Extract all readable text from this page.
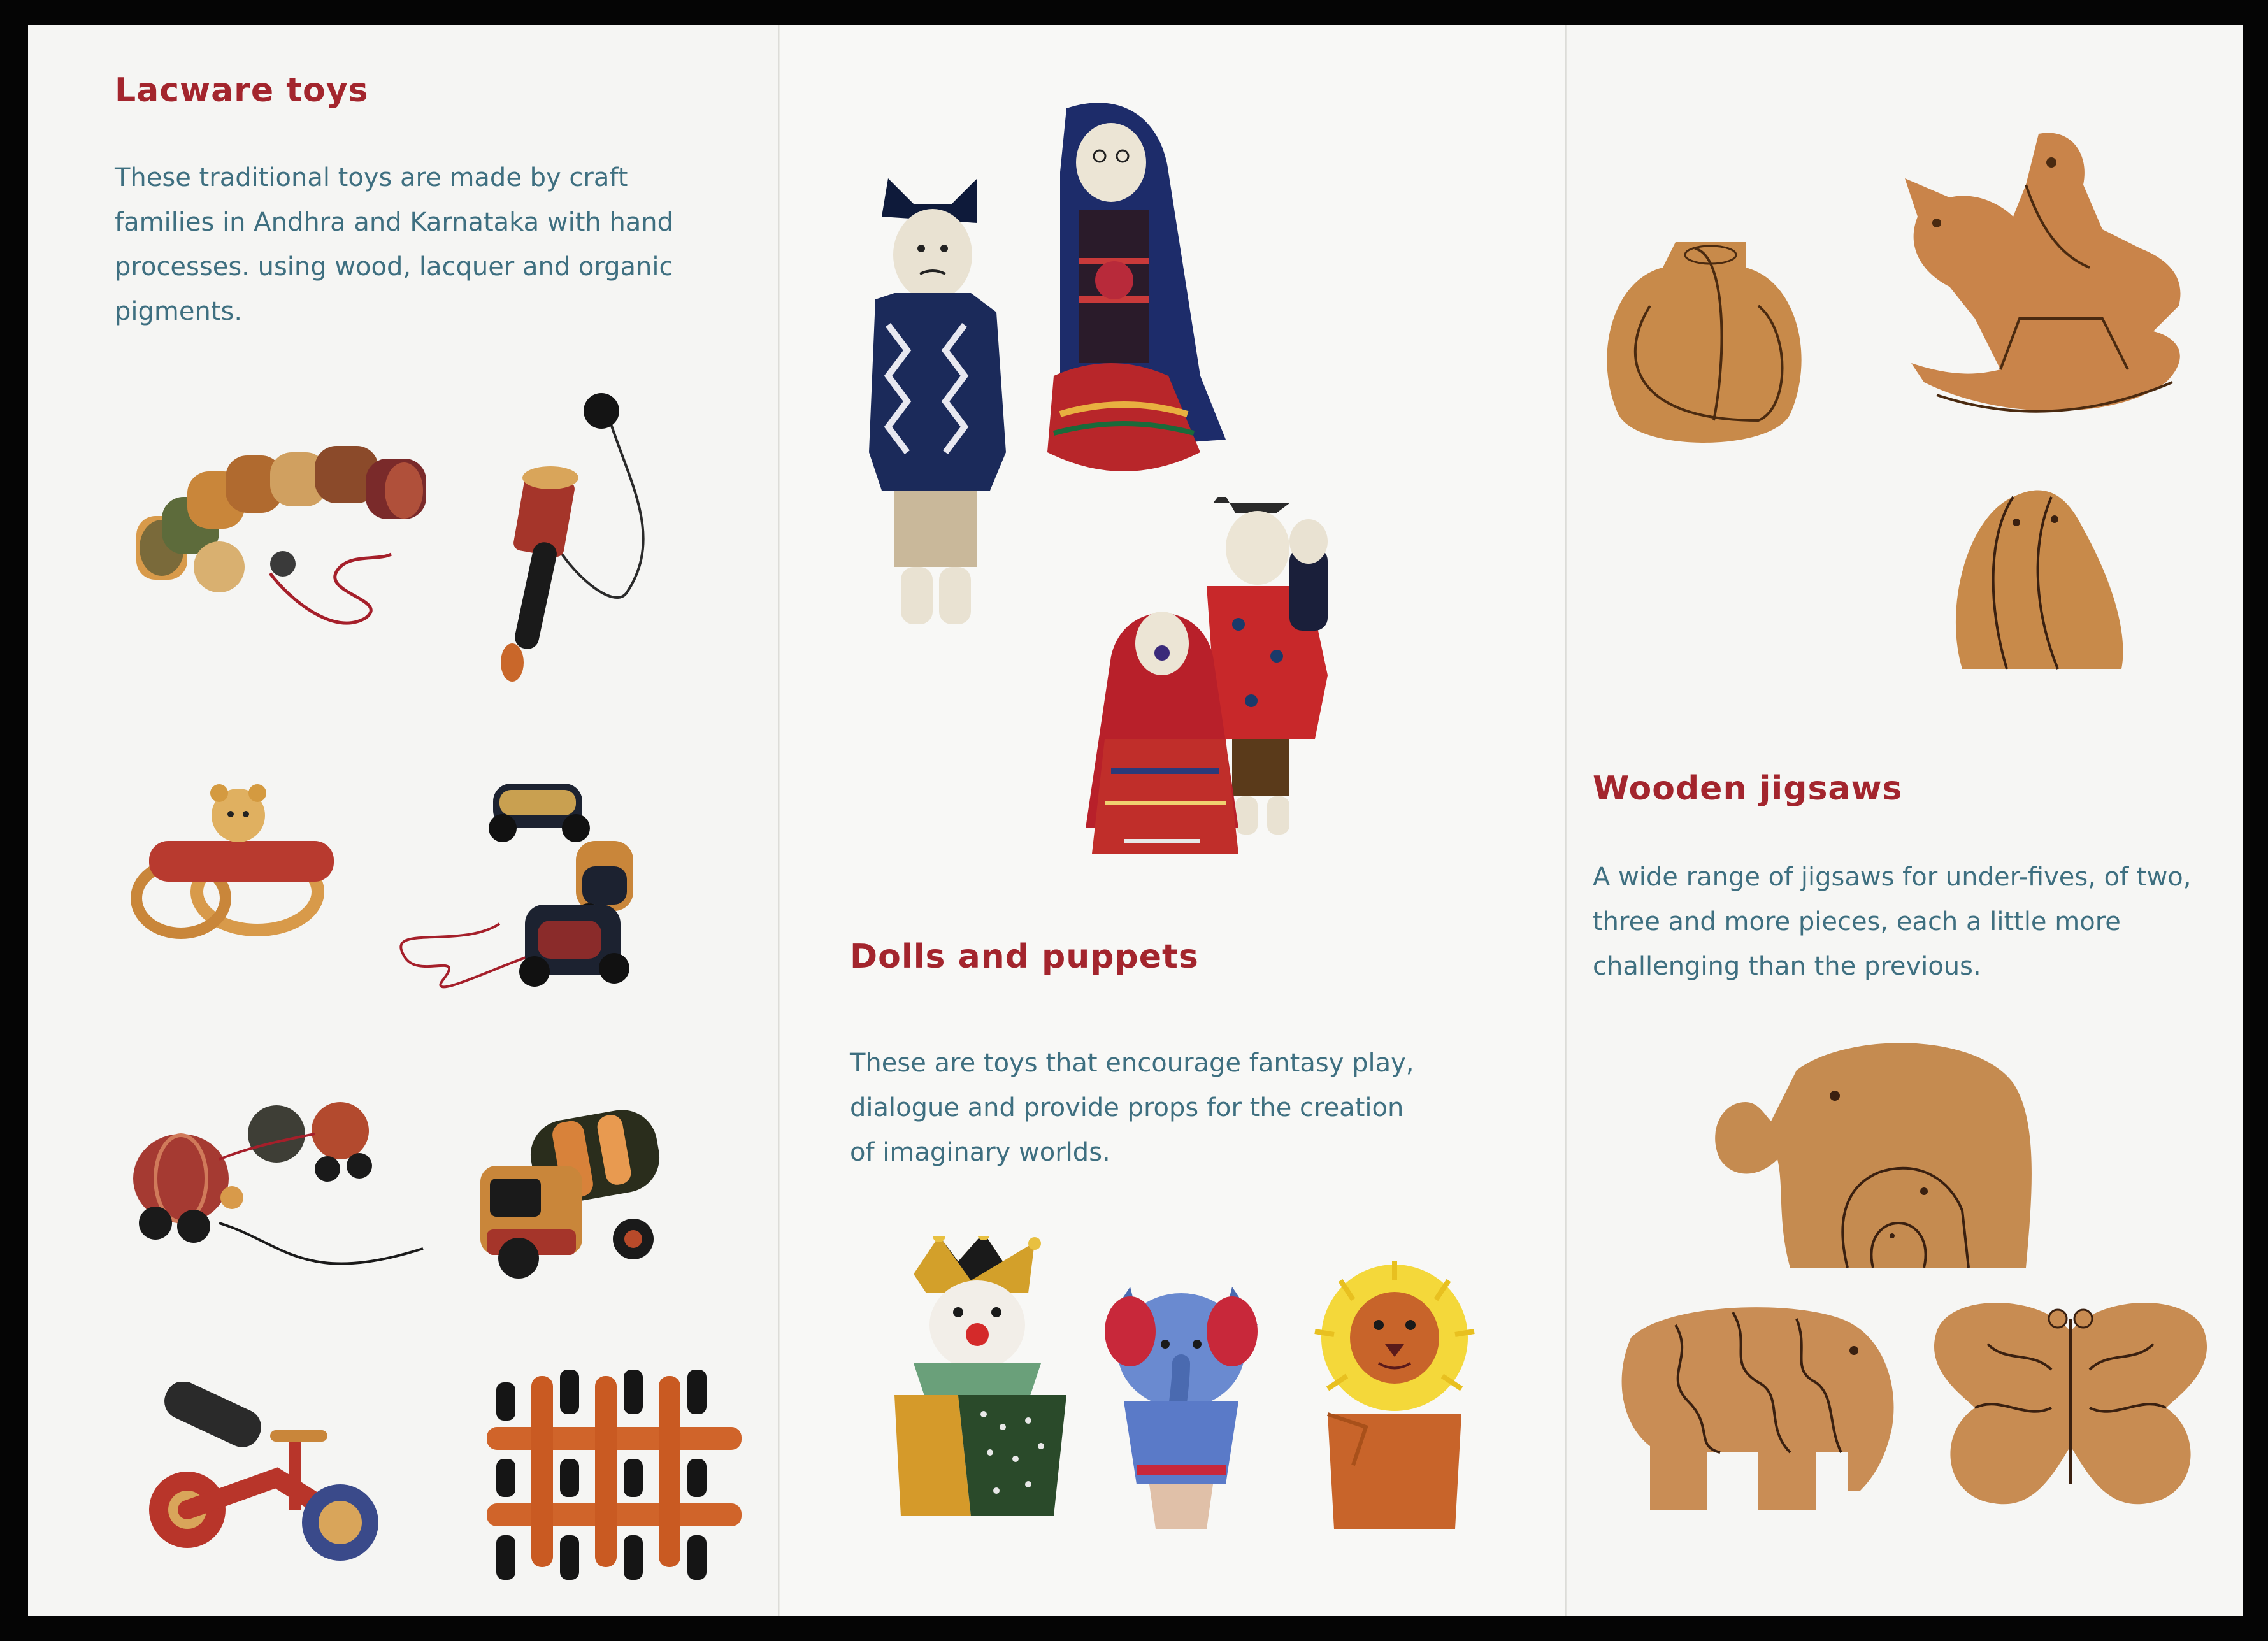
Lacware toys
These traditional toys are made by craft
families in Andhra and Karnataka with hand
processes. using wood, lacquer and organic
pigments.
Dolls and puppets
These are toys that encourage fantasy play,
dialogue and provide props for the creation
of imaginary worlds.
Wooden jigsaws
A wide range of jigsaws for under-fives, of two,
three and more pieces, each a little more
challenging than the previous.
